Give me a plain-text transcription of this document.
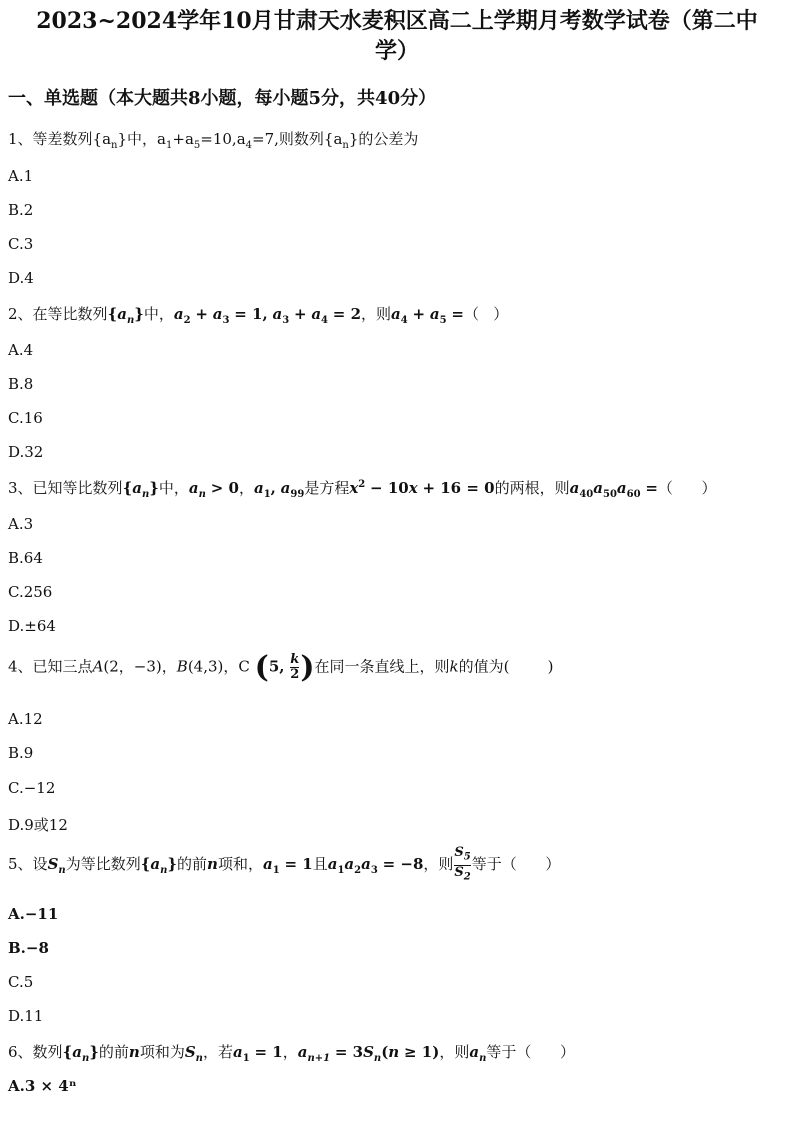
2023~2024学年10月甘肃天水麦积区高二上学期月考数学试卷（第二中
学）
一、单选题（本大题共8小题，每小题5分，共40分）
1、等差数列$\{a_n\}$中，$a_1+a_5=10,a_4=7$,则数列$\{a_n\}$的公差为
A.1
B.2
C.3
D.4
2、在等比数列$\{a_n\}$中，$a_2 + a_3 = 1$, $a_3 + a_4 = 2$，则$a_4 + a_5$ =（   ）
A.4
B.8
C.16
D.32
3、已知等比数列$\{a_n\}$中，$a_n > 0$，$a_1$, $a_{99}$是方程$x^2 - 10x + 16 = 0$的两根，则$a_{40}a_{50}a_{60}$ =（      ）
A.3
B.64
C.256
D.±64
4、已知三点A(2，−3)，B(4,3)，C (5, $\frac{k}{2}$ )在同一条直线上，则k的值为(        )
A.12
B.9
C.−12
D.9或12
5、设$S_n$为等比数列$\{a_n\}$的前n项和，$a_1 = 1$且$a_1a_2a_3 = -8$，则 $\frac{S_5}{S_2}$ 等于（      ）
A.−11
B.−8
C.5
D.11
6、数列$\{a_n\}$的前n项和为$S_n$，若$a_1 = 1$，$a_{n+1} = 3S_n(n \ge 1)$，则$a_n$等于（      ）
A.3 × 4ⁿ
